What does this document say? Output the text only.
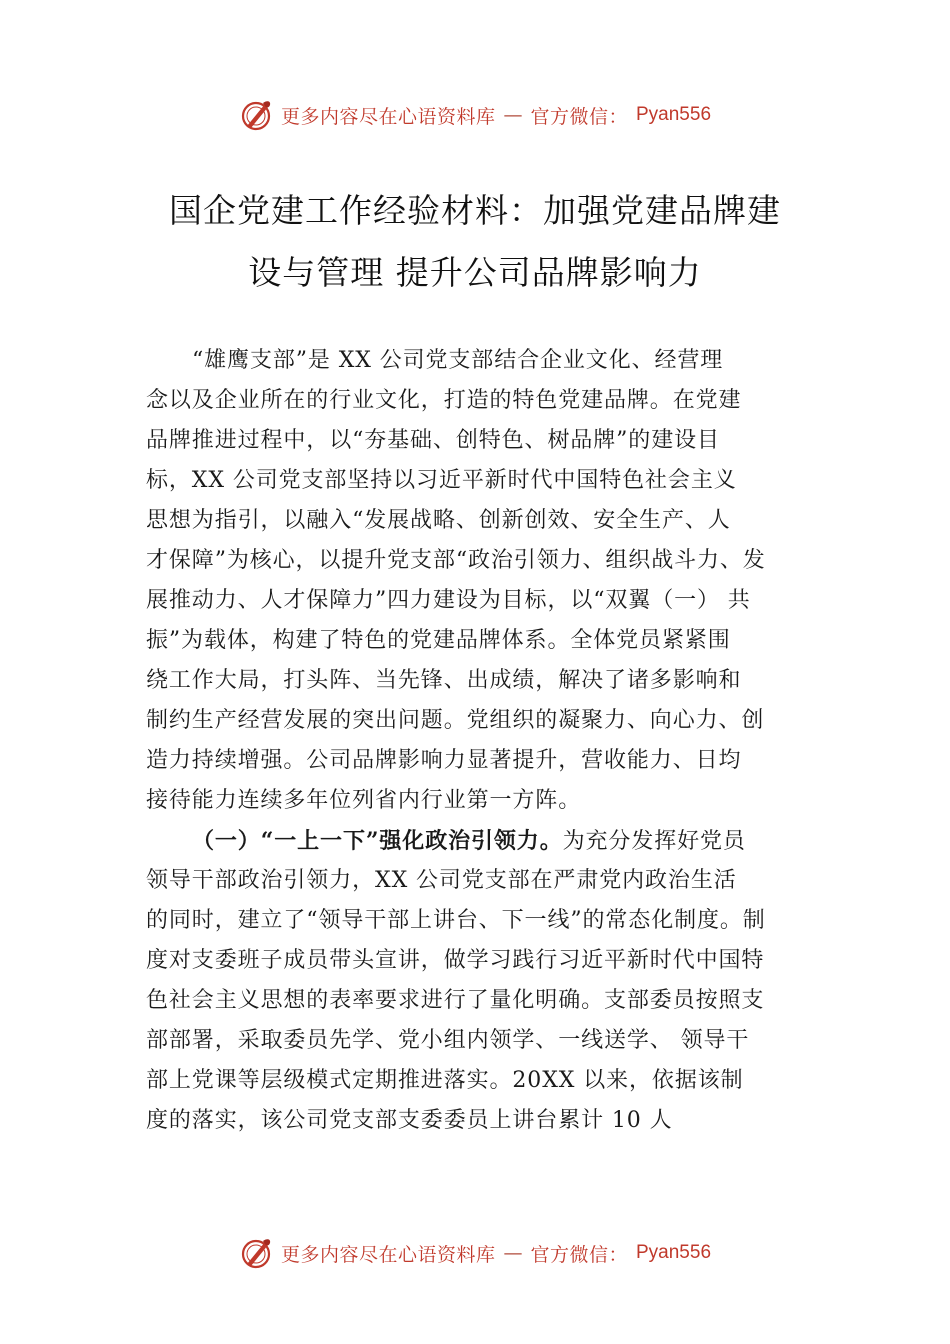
更多内容尽在心语资料库 — 官方微信： Pyan556
国企党建工作经验材料：加强党建品牌建
设与管理 提升公司品牌影响力
“雄鹰支部”是 XX 公司党支部结合企业文化、经营理
念以及企业所在的行业文化，打造的特色党建品牌。在党建
品牌推进过程中，以“夯基础、创特色、树品牌”的建设目
标，XX 公司党支部坚持以习近平新时代中国特色社会主义
思想为指引，以融入“发展战略、创新创效、安全生产、人
才保障”为核心，以提升党支部“政治引领力、组织战斗力、发
展推动力、人才保障力”四力建设为目标，以“双翼（一） 共
振”为载体，构建了特色的党建品牌体系。全体党员紧紧围
绕工作大局，打头阵、当先锋、出成绩，解决了诸多影响和
制约生产经营发展的突出问题。党组织的凝聚力、向心力、创
造力持续增强。公司品牌影响力显著提升，营收能力、日均
接待能力连续多年位列省内行业第一方阵。
（一）“一上一下”强化政治引领力。为充分发挥好党员
领导干部政治引领力，XX 公司党支部在严肃党内政治生活
的同时，建立了“领导干部上讲台、下一线”的常态化制度。制
度对支委班子成员带头宣讲，做学习践行习近平新时代中国特
色社会主义思想的表率要求进行了量化明确。支部委员按照支
部部署，采取委员先学、党小组内领学、一线送学、 领导干
部上党课等层级模式定期推进落实。20XX 以来，依据该制
度的落实，该公司党支部支委委员上讲台累计 10 人
更多内容尽在心语资料库 — 官方微信： Pyan556
